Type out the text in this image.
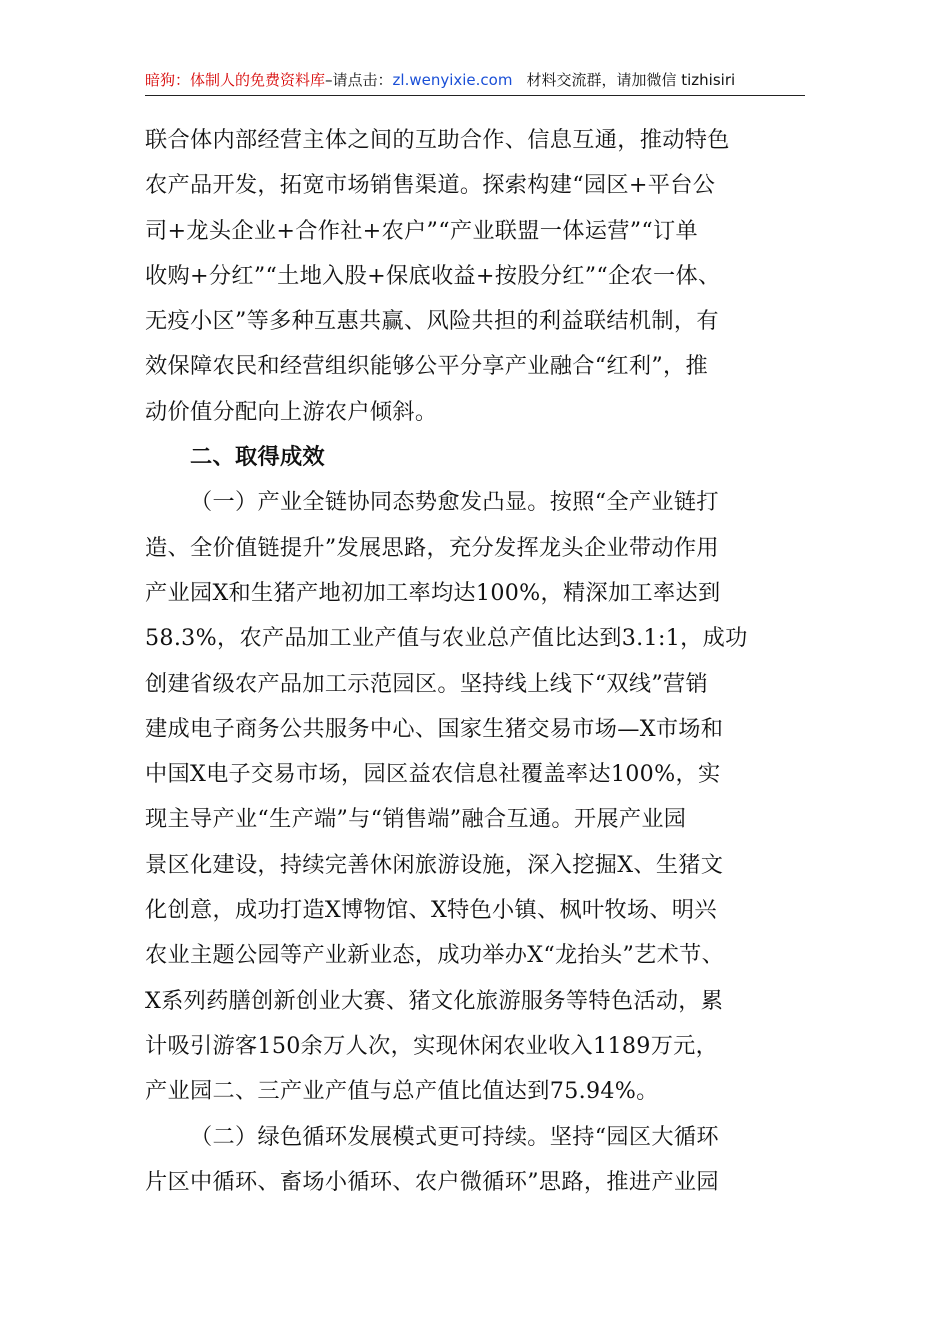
暗狗：体制人的免费资料库–请点击：zl.wenyixie.com 材料交流群，请加微信 tizhisiri
联合体内部经营主体之间的互助合作、信息互通，推动特色
农产品开发，拓宽市场销售渠道。探索构建“园区+平台公
司+龙头企业+合作社+农户”“产业联盟一体运营”“订单
收购+分红”“土地入股+保底收益+按股分红”“企农一体、
无疫小区”等多种互惠共赢、风险共担的利益联结机制，有
效保障农民和经营组织能够公平分享产业融合“红利”，推
动价值分配向上游农户倾斜。
二、取得成效
（一）产业全链协同态势愈发凸显。按照“全产业链打
造、全价值链提升”发展思路，充分发挥龙头企业带动作用
产业园X和生猪产地初加工率均达100%，精深加工率达到
58.3%，农产品加工业产值与农业总产值比达到3.1:1，成功
创建省级农产品加工示范园区。坚持线上线下“双线”营销
建成电子商务公共服务中心、国家生猪交易市场—X市场和
中国X电子交易市场，园区益农信息社覆盖率达100%，实
现主导产业“生产端”与“销售端”融合互通。开展产业园
景区化建设，持续完善休闲旅游设施，深入挖掘X、生猪文
化创意，成功打造X博物馆、X特色小镇、枫叶牧场、明兴
农业主题公园等产业新业态，成功举办X“龙抬头”艺术节、
X系列药膳创新创业大赛、猪文化旅游服务等特色活动，累
计吸引游客150余万人次，实现休闲农业收入1189万元，
产业园二、三产业产值与总产值比值达到75.94%。
（二）绿色循环发展模式更可持续。坚持“园区大循环
片区中循环、畜场小循环、农户微循环”思路，推进产业园
